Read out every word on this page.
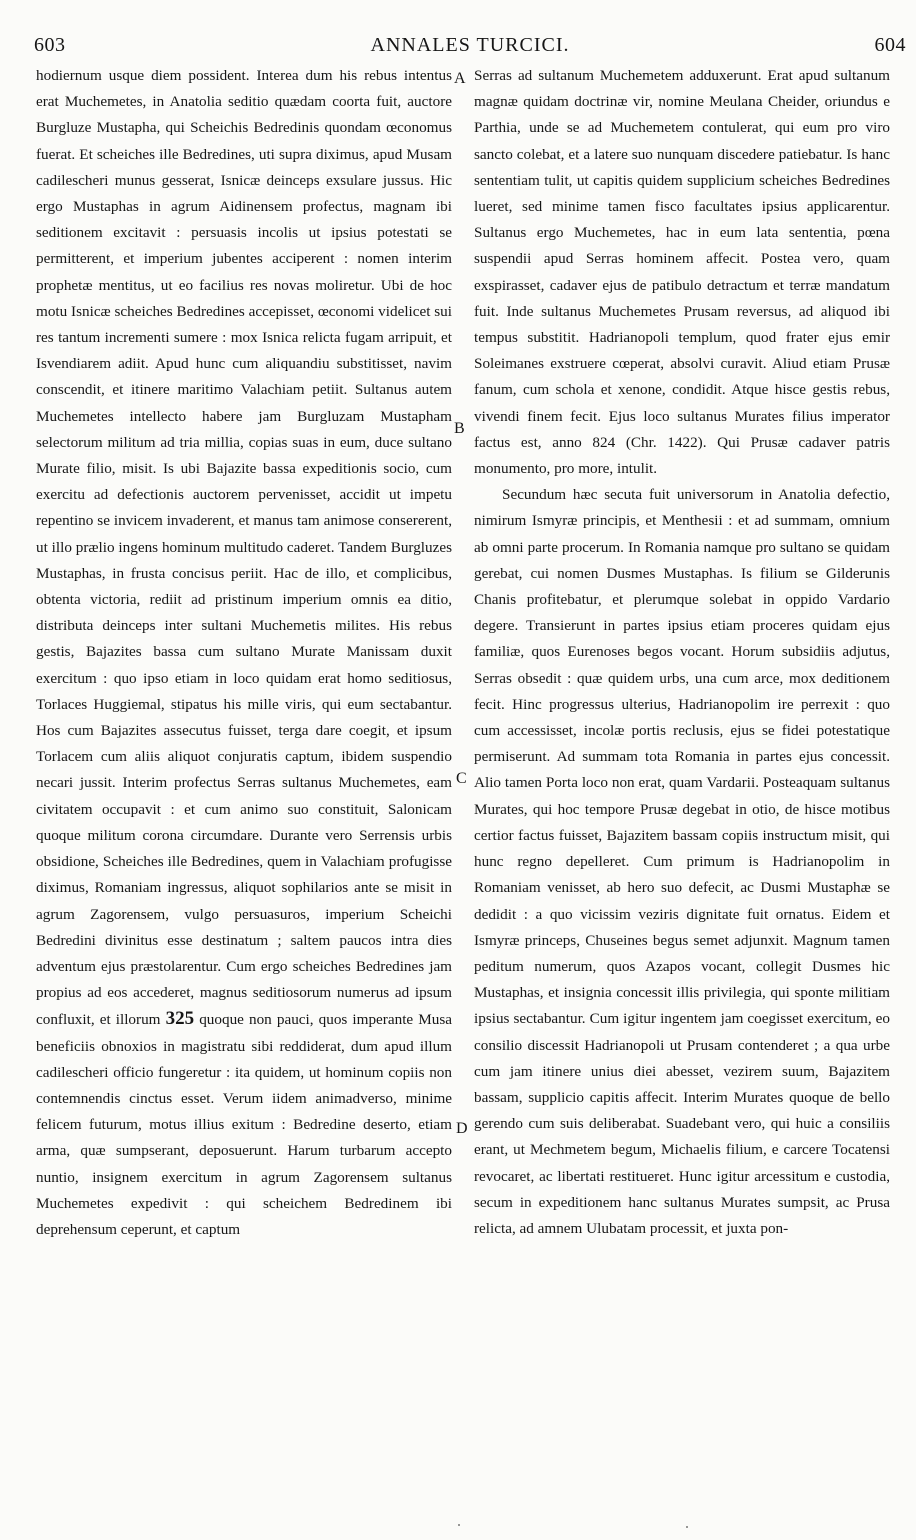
603	ANNALES TURCICI.	604

hodiernum usque diem possident. Interea dum his rebus intentus erat Muchemetes, in Anatolia seditio quædam coorta fuit, auctore Burgluze Mustapha, qui Scheichis Bedredinis quondam œconomus fuerat. Et scheiches ille Bedredines, uti supra diximus, apud Musam cadilescheri munus gesserat, Isnicæ deinceps exsulare jussus. Hic ergo Mustaphas in agrum Aidinensem profectus, magnam ibi seditionem excitavit : persuasis incolis ut ipsius potestati se permitterent, et imperium jubentes acciperent : nomen interim prophetæ mentitus, ut eo facilius res novas moliretur. Ubi de hoc motu Isnicæ scheiches Bedredines accepisset, œconomi videlicet sui res tantum incrementi sumere : mox Isnica relicta fugam arripuit, et Isvendiarem adiit. Apud hunc cum aliquandiu substitisset, navim conscendit, et itinere maritimo Valachiam petiit. Sultanus autem Muchemetes intellecto habere jam Burgluzam Mustapham selectorum militum ad tria millia, copias suas in eum, duce sultano Murate filio, misit. Is ubi Bajazite bassa expeditionis socio, cum exercitu ad defectionis auctorem pervenisset, accidit ut impetu repentino se invicem invaderent, et manus tam animose consererent, ut illo prælio ingens hominum multitudo caderet. Tandem Burgluzes Mustaphas, in frusta concisus periit. Hac de illo, et complicibus, obtenta victoria, rediit ad pristinum imperium omnis ea ditio, distributa deinceps inter sultani Muchemetis milites. His rebus gestis, Bajazites bassa cum sultano Murate Manissam duxit exercitum : quo ipso etiam in loco quidam erat homo seditiosus, Torlaces Huggiemal, stipatus his mille viris, qui eum sectabantur. Hos cum Bajazites assecutus fuisset, terga dare coegit, et ipsum Torlacem cum aliis aliquot conjuratis captum, ibidem suspendio necari jussit. Interim profectus Serras sultanus Muchemetes, eam civitatem occupavit : et cum animo suo constituit, Salonicam quoque militum corona circumdare. Durante vero Serrensis urbis obsidione, Scheiches ille Bedredines, quem in Valachiam profugisse diximus, Romaniam ingressus, aliquot sophilarios ante se misit in agrum Zagorensem, vulgo persuasuros, imperium Scheichi Bedredini divinitus esse destinatum ; saltem paucos intra dies adventum ejus præstolarentur. Cum ergo scheiches Bedredines jam propius ad eos accederet, magnus seditiosorum numerus ad ipsum confluxit, et illorum 325 quoque non pauci, quos imperante Musa beneficiis obnoxios in magistratu sibi reddiderat, dum apud illum cadilescheri officio fungeretur : ita quidem, ut hominum copiis non contemnendis cinctus esset. Verum iidem animadverso, minime felicem futurum, motus illius exitum : Bedredine deserto, etiam arma, quæ sumpserant, deposuerunt. Harum turbarum accepto nuntio, insignem exercitum in agrum Zagorensem sultanus Muchemetes expedivit : qui scheichem Bedredinem ibi deprehensum ceperunt, et captum

A
B
C
D

Serras ad sultanum Muchemetem adduxerunt. Erat apud sultanum magnæ quidam doctrinæ vir, nomine Meulana Cheider, oriundus e Parthia, unde se ad Muchemetem contulerat, qui eum pro viro sancto colebat, et a latere suo nunquam discedere patiebatur. Is hanc sententiam tulit, ut capitis quidem supplicium scheiches Bedredines lueret, sed minime tamen fisco facultates ipsius applicarentur. Sultanus ergo Muchemetes, hac in eum lata sententia, pœna suspendii apud Serras hominem affecit. Postea vero, quam exspirasset, cadaver ejus de patibulo detractum et terræ mandatum fuit. Inde sultanus Muchemetes Prusam reversus, ad aliquod ibi tempus substitit. Hadrianopoli templum, quod frater ejus emir Soleimanes exstruere cœperat, absolvi curavit. Aliud etiam Prusæ fanum, cum schola et xenone, condidit. Atque hisce gestis rebus, vivendi finem fecit. Ejus loco sultanus Murates filius imperator factus est, anno 824 (Chr. 1422). Qui Prusæ cadaver patris monumento, pro more, intulit.

Secundum hæc secuta fuit universorum in Anatolia defectio, nimirum Ismyræ principis, et Menthesii : et ad summam, omnium ab omni parte procerum. In Romania namque pro sultano se quidam gerebat, cui nomen Dusmes Mustaphas. Is filium se Gilderunis Chanis profitebatur, et plerumque solebat in oppido Vardario degere. Transierunt in partes ipsius etiam proceres quidam ejus familiæ, quos Eurenoses begos vocant. Horum subsidiis adjutus, Serras obsedit : quæ quidem urbs, una cum arce, mox deditionem fecit. Hinc progressus ulterius, Hadrianopolim ire perrexit : quo cum accessisset, incolæ portis reclusis, ejus se fidei potestatique permiserunt. Ad summam tota Romania in partes ejus concessit. Alio tamen Porta loco non erat, quam Vardarii. Posteaquam sultanus Murates, qui hoc tempore Prusæ degebat in otio, de hisce motibus certior factus fuisset, Bajazitem bassam copiis instructum misit, qui hunc regno depelleret. Cum primum is Hadrianopolim in Romaniam venisset, ab hero suo defecit, ac Dusmi Mustaphæ se dedidit : a quo vicissim veziris dignitate fuit ornatus. Eidem et Ismyræ princeps, Chuseines begus semet adjunxit. Magnum tamen peditum numerum, quos Azapos vocant, collegit Dusmes hic Mustaphas, et insignia concessit illis privilegia, qui sponte militiam ipsius sectabantur. Cum igitur ingentem jam coegisset exercitum, eo consilio discessit Hadrianopoli ut Prusam contenderet ; a qua urbe cum jam itinere unius diei abesset, vezirem suum, Bajazitem bassam, supplicio capitis affecit. Interim Murates quoque de bello gerendo cum suis deliberabat. Suadebant vero, qui huic a consiliis erant, ut Mechmetem begum, Michaelis filium, e carcere Tocatensi revocaret, ac libertati restitueret. Hunc igitur arcessitum e custodia, secum in expeditionem hanc sultanus Murates sumpsit, ac Prusa relicta, ad amnem Ulubatam processit, et juxta pon-
